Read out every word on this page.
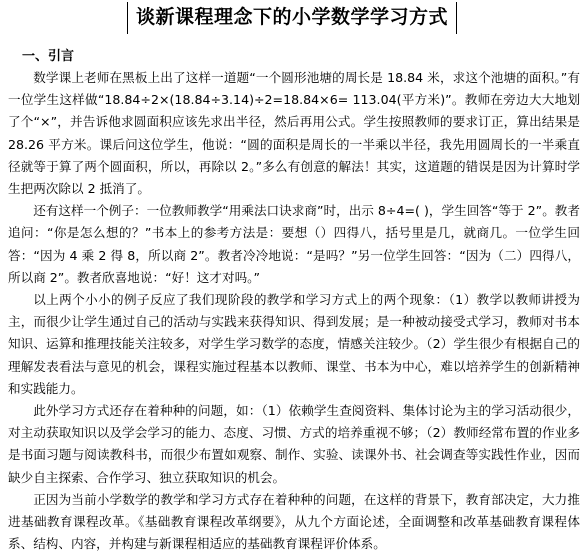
谈新课程理念下的小学数学学习方式
一、引言

数学课上老师在黑板上出了这样一道题“一个圆形池塘的周长是 18.84 米，求这个池塘的面积。”有一位学生这样做“18.84÷2×(18.84÷3.14)÷2=18.84×6= 113.04(平方米)”。教师在旁边大大地划了个“×”，并告诉他求圆面积应该先求出半径，然后再用公式。学生按照教师的要求订正，算出结果是 28.26 平方米。课后问这位学生，他说：“圆的面积是周长的一半乘以半径，我先用圆周长的一半乘直径就等于算了两个圆面积，所以，再除以 2。”多么有创意的解法！其实，这道题的错误是因为计算时学生把两次除以 2 抵消了。

还有这样一个例子：一位教师教学“用乘法口诀求商”时，出示 8÷4=( )，学生回答“等于 2”。教者追问：“你是怎么想的？”书本上的参考方法是：要想（）四得八，括号里是几，就商几。一位学生回答：“因为 4 乘 2 得 8，所以商 2”。教者冷冷地说：“是吗？”另一位学生回答：“因为（二）四得八，所以商 2”。教者欣喜地说：“好！这才对吗。”

以上两个小小的例子反应了我们现阶段的教学和学习方式上的两个现象：（1）教学以教师讲授为主，而很少让学生通过自己的活动与实践来获得知识、得到发展；是一种被动接受式学习，教师对书本知识、运算和推理技能关注较多，对学生学习数学的态度，情感关注较少。（2）学生很少有根据自己的理解发表看法与意见的机会，课程实施过程基本以教师、课堂、书本为中心，难以培养学生的创新精神和实践能力。

此外学习方式还存在着种种的问题，如：（1）依赖学生查阅资料、集体讨论为主的学习活动很少，对主动获取知识以及学会学习的能力、态度、习惯、方式的培养重视不够；（2）教师经常布置的作业多是书面习题与阅读教科书，而很少布置如观察、制作、实验、读课外书、社会调查等实践性作业，因而缺少自主探索、合作学习、独立获取知识的机会。

正因为当前小学数学的教学和学习方式存在着种种的问题，在这样的背景下，教育部决定，大力推进基础教育课程改革。《基础教育课程改革纲要》，从九个方面论述，全面调整和改革基础教育课程体系、结构、内容，并构建与新课程相适应的基础教育课程评价体系。
